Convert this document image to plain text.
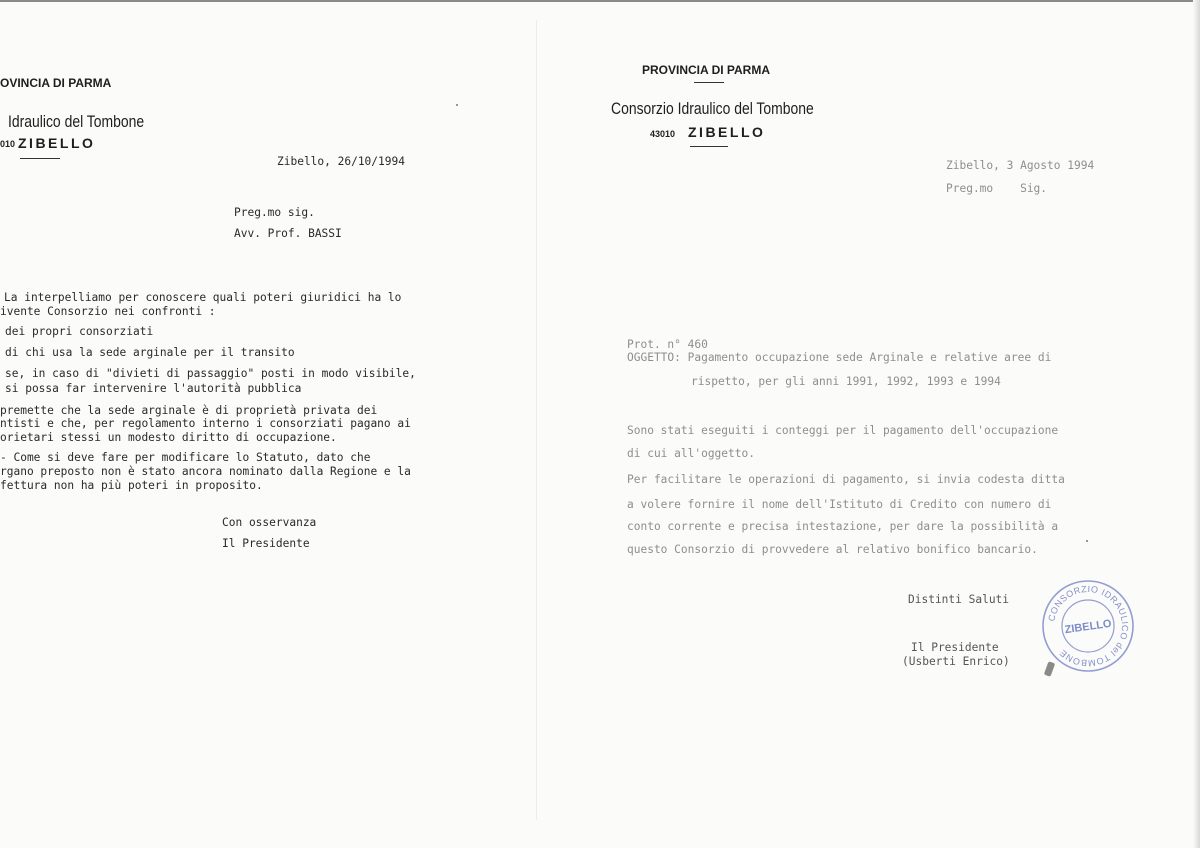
OVINCIA DI PARMA
Idraulico del Tombone
010 ZIBELLO
Zibello, 26/10/1994
Preg.mo sig.
Avv. Prof. BASSI
La interpelliamo per conoscere quali poteri giuridici ha lo
ivente Consorzio nei confronti :
dei propri consorziati
di chi usa la sede arginale per il transito
se, in caso di "divieti di passaggio" posti in modo visibile,
si possa far intervenire l'autorità pubblica
premette che la sede arginale è di proprietà privata dei
ntisti e che, per regolamento interno i consorziati pagano ai
orietari stessi un modesto diritto di occupazione.
- Come si deve fare per modificare lo Statuto, dato che
rgano preposto non è stato ancora nominato dalla Regione e la
fettura non ha più poteri in proposito.
Con osservanza
Il Presidente
PROVINCIA DI PARMA
Consorzio Idraulico del Tombone
43010 ZIBELLO
Zibello, 3 Agosto 1994
Preg.mo    Sig.
Prot. n° 460
OGGETTO: Pagamento occupazione sede Arginale e relative aree di
rispetto, per gli anni 1991, 1992, 1993 e 1994
Sono stati eseguiti i conteggi per il pagamento dell'occupazione
di cui all'oggetto.
Per facilitare le operazioni di pagamento, si invia codesta ditta
a volere fornire il nome dell'Istituto di Credito con numero di
conto corrente e precisa intestazione, per dare la possibilità a
questo Consorzio di provvedere al relativo bonifico bancario.
Distinti Saluti
Il Presidente
(Usberti Enrico)
CONSORZIO IDRAULICO del TOMBONE
ZIBELLO
